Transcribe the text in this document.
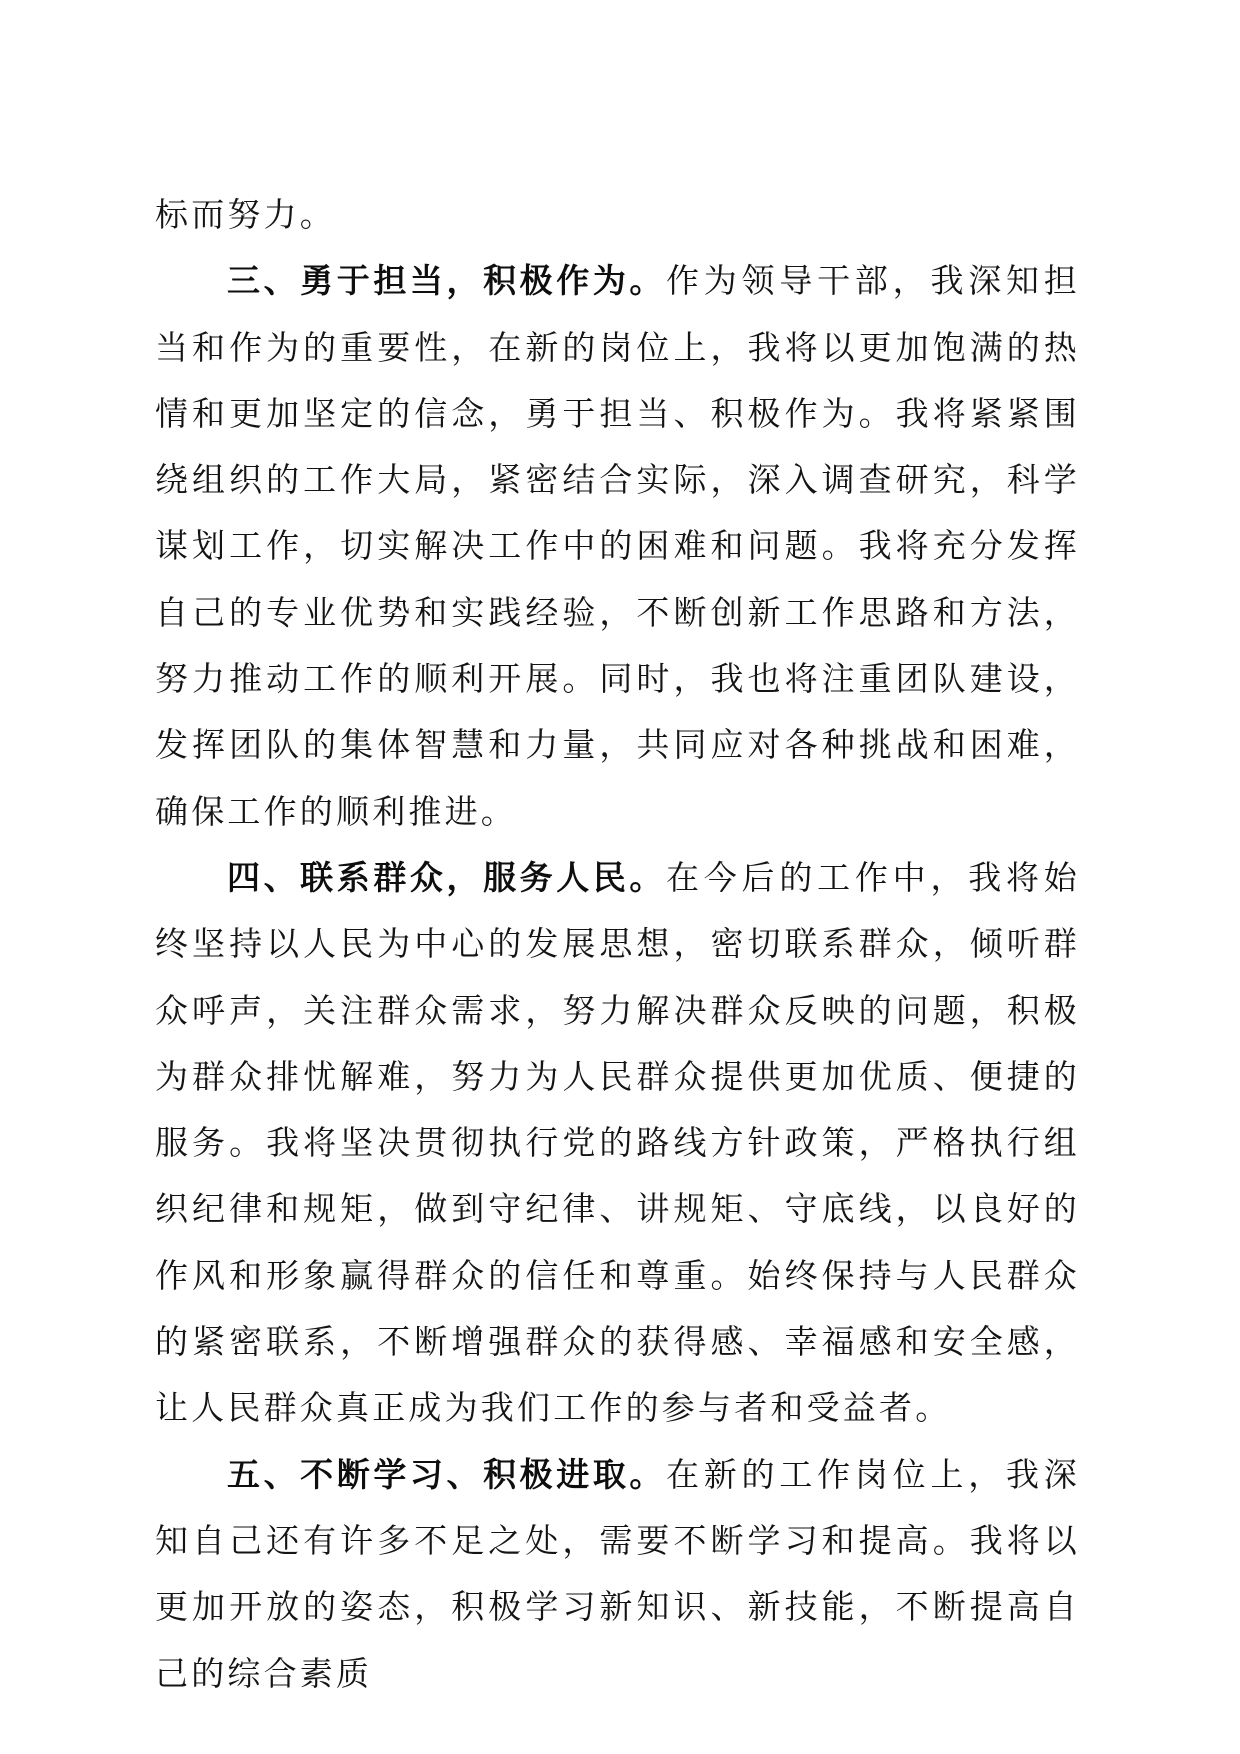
标而努力。

三、勇于担当，积极作为。作为领导干部，我深知担当和作为的重要性，在新的岗位上，我将以更加饱满的热情和更加坚定的信念，勇于担当、积极作为。我将紧紧围绕组织的工作大局，紧密结合实际，深入调查研究，科学谋划工作，切实解决工作中的困难和问题。我将充分发挥自己的专业优势和实践经验，不断创新工作思路和方法，努力推动工作的顺利开展。同时，我也将注重团队建设，发挥团队的集体智慧和力量，共同应对各种挑战和困难，确保工作的顺利推进。

四、联系群众，服务人民。在今后的工作中，我将始终坚持以人民为中心的发展思想，密切联系群众，倾听群众呼声，关注群众需求，努力解决群众反映的问题，积极为群众排忧解难，努力为人民群众提供更加优质、便捷的服务。我将坚决贯彻执行党的路线方针政策，严格执行组织纪律和规矩，做到守纪律、讲规矩、守底线，以良好的作风和形象赢得群众的信任和尊重。始终保持与人民群众的紧密联系，不断增强群众的获得感、幸福感和安全感，让人民群众真正成为我们工作的参与者和受益者。

五、不断学习、积极进取。在新的工作岗位上，我深知自己还有许多不足之处，需要不断学习和提高。我将以更加开放的姿态，积极学习新知识、新技能，不断提高自己的综合素质
